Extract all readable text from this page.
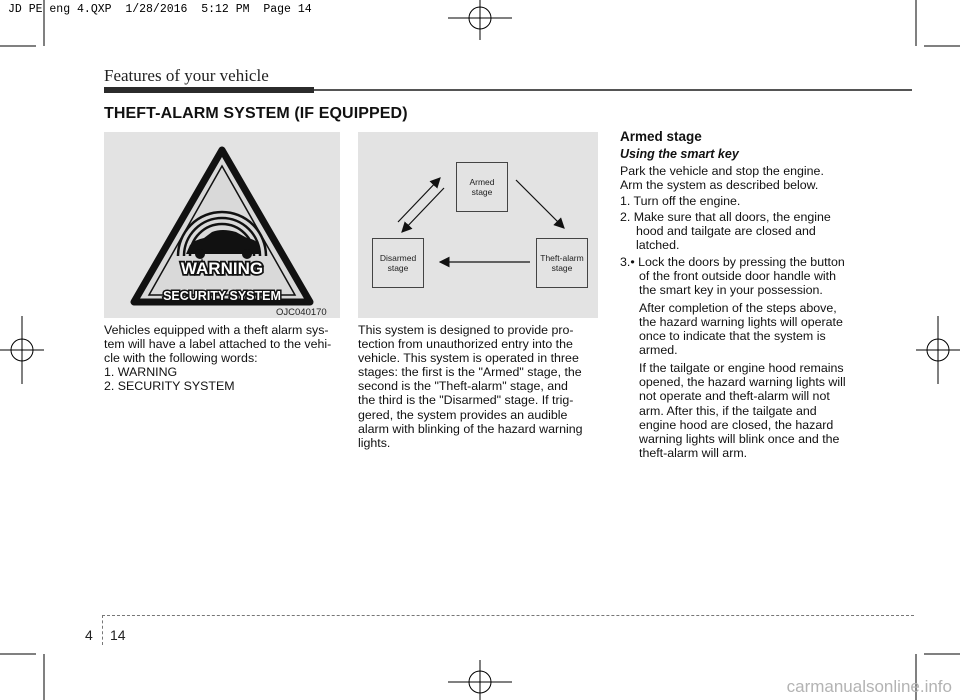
JD PE eng 4.QXP  1/28/2016  5:12 PM  Page 14
Features of your vehicle
THEFT-ALARM SYSTEM (IF EQUIPPED)
WARNING
SECURITY SYSTEM
OJC040170
Vehicles equipped with a theft alarm sys-
tem will have a label attached to the vehi-
cle with the following words:
1. WARNING
2. SECURITY SYSTEM
Armed
stage
Theft-alarm
stage
Disarmed
stage
This system is designed to provide pro-
tection from unauthorized entry into the
vehicle. This system is operated in three
stages: the first is the "Armed" stage, the
second is the "Theft-alarm" stage, and
the third is the "Disarmed" stage. If trig-
gered, the system provides an audible
alarm with blinking of the hazard warning
lights.
Armed stage
Using the smart key
Park the vehicle and stop the engine.
Arm the system as described below.
1. Turn off the engine.
2. Make sure that all doors, the engine
hood and tailgate are closed and
latched.
3.• Lock the doors by pressing the button
of the front outside door handle with
the smart key in your possession.
After completion of the steps above,
the hazard warning lights will operate
once to indicate that the system is
armed.
If the tailgate or engine hood remains
opened, the hazard warning lights will
not operate and theft-alarm will not
arm. After this, if the tailgate and
engine hood are closed, the hazard
warning lights will blink once and the
theft-alarm will arm.
4 14
carmanualsonline.info
